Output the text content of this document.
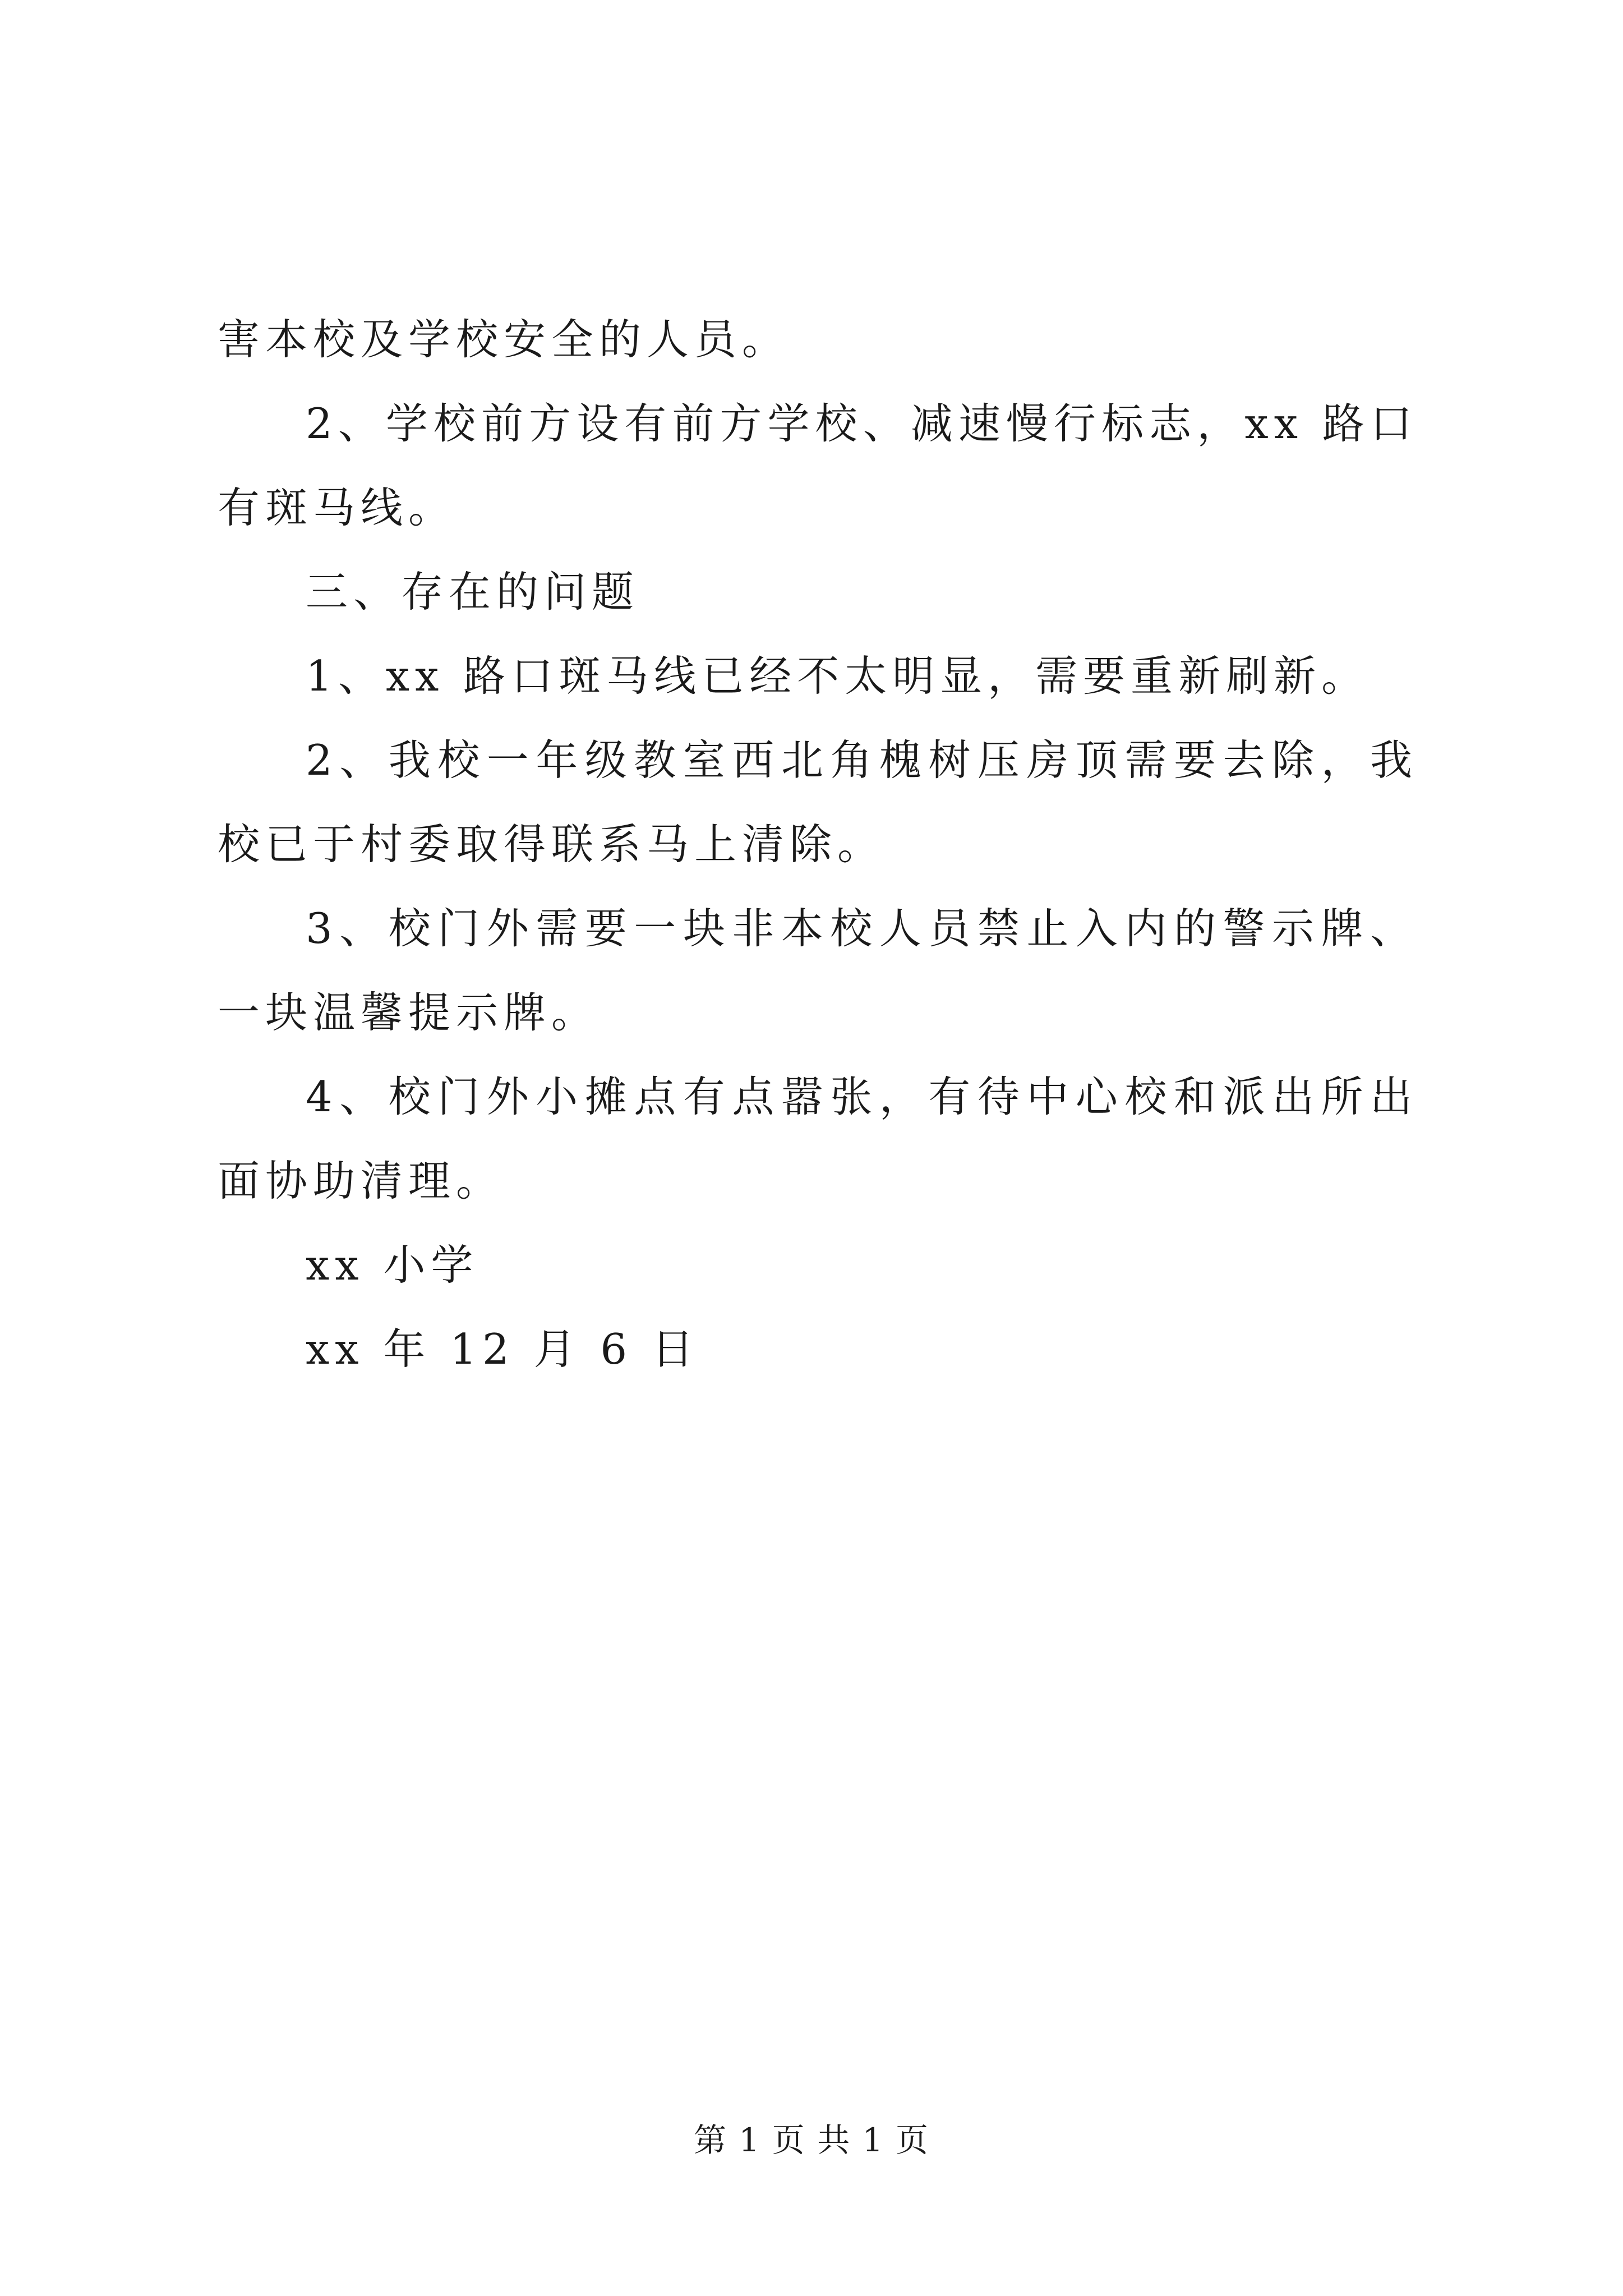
害本校及学校安全的人员。

2、学校前方设有前方学校、减速慢行标志，xx 路口有斑马线。

三、存在的问题

1、xx 路口斑马线已经不太明显，需要重新刷新。

2、我校一年级教室西北角槐树压房顶需要去除，我校已于村委取得联系马上清除。

3、校门外需要一块非本校人员禁止入内的警示牌、一块温馨提示牌。

4、校门外小摊点有点嚣张，有待中心校和派出所出面协助清理。

xx 小学

xx 年 12 月 6 日

第 1 页 共 1 页
